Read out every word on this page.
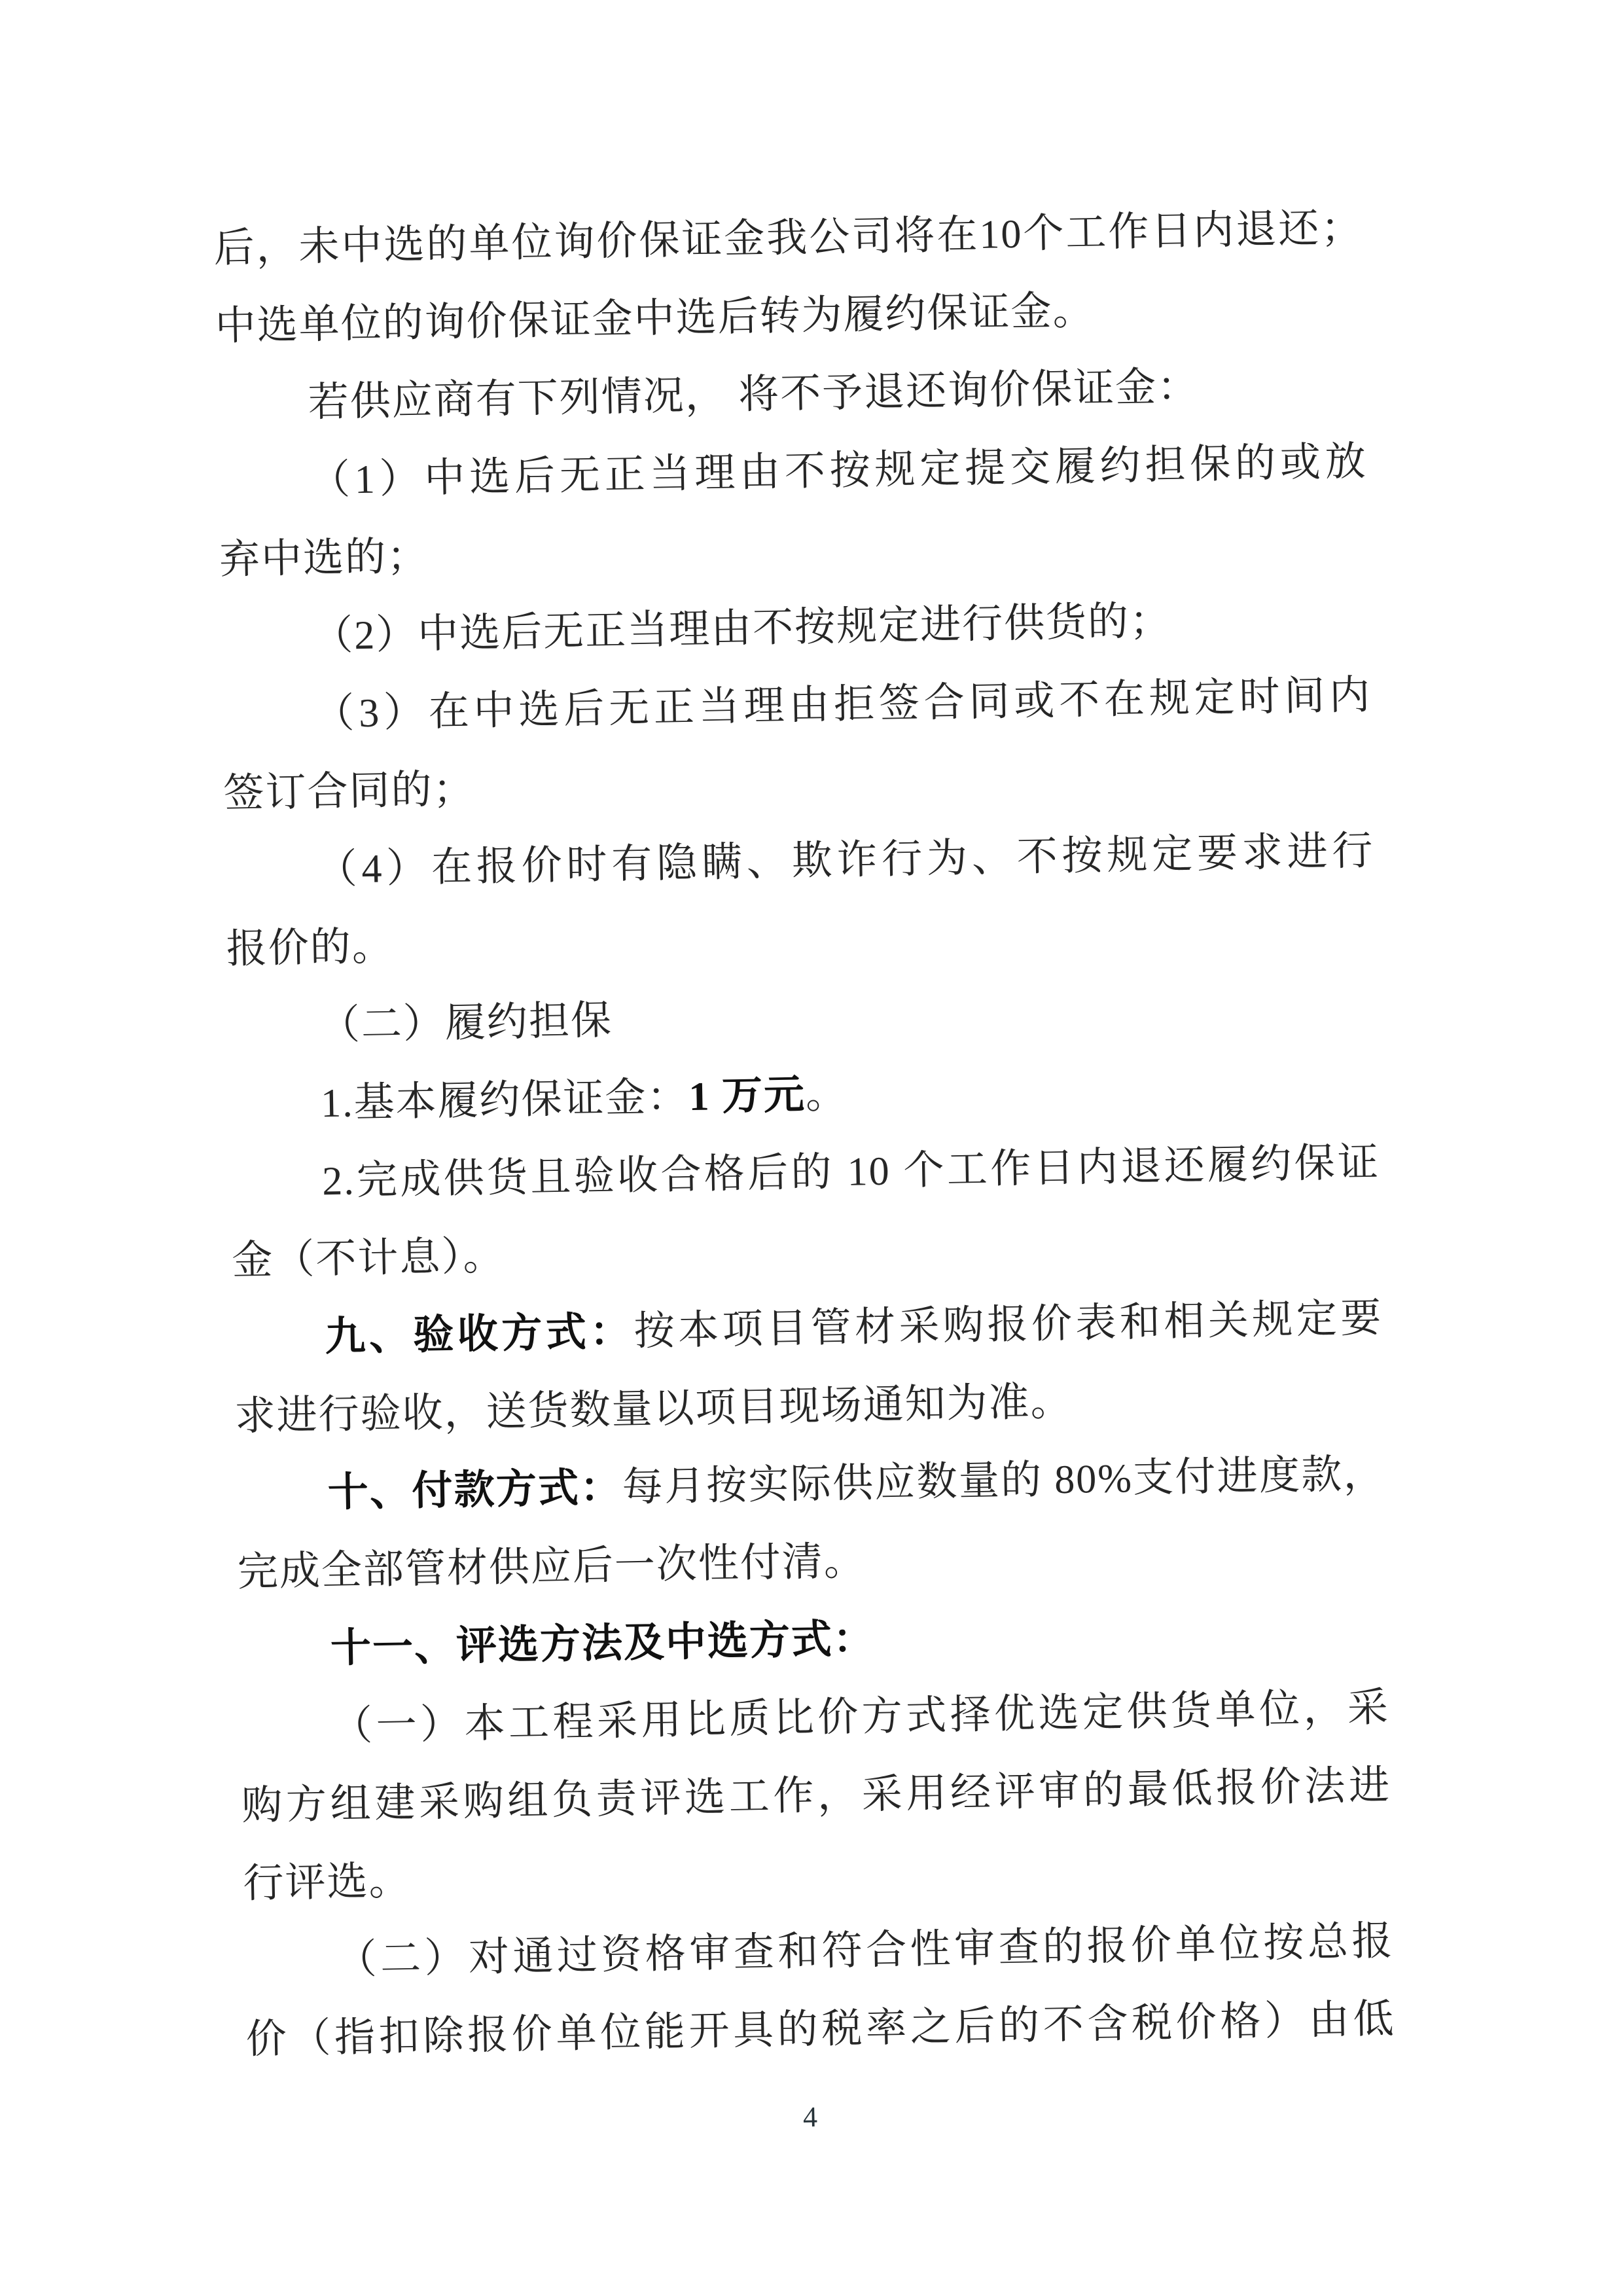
后，未中选的单位询价保证金我公司将在10个工作日内退还；
中选单位的询价保证金中选后转为履约保证金。
若供应商有下列情况， 将不予退还询价保证金：
（1）中选后无正当理由不按规定提交履约担保的或放
弃中选的；
（2）中选后无正当理由不按规定进行供货的；
（3）在中选后无正当理由拒签合同或不在规定时间内
签订合同的；
（4）在报价时有隐瞒、欺诈行为、不按规定要求进行
报价的。
（二）履约担保
1.基本履约保证金：1 万元。
2.完成供货且验收合格后的 10 个工作日内退还履约保证
金（不计息）。
九、验收方式：按本项目管材采购报价表和相关规定要
求进行验收，送货数量以项目现场通知为准。
十、付款方式：每月按实际供应数量的 80%支付进度款，
完成全部管材供应后一次性付清。
十一、评选方法及中选方式：
（一）本工程采用比质比价方式择优选定供货单位，采
购方组建采购组负责评选工作，采用经评审的最低报价法进
行评选。
（二）对通过资格审查和符合性审查的报价单位按总报
价（指扣除报价单位能开具的税率之后的不含税价格）由低
4
